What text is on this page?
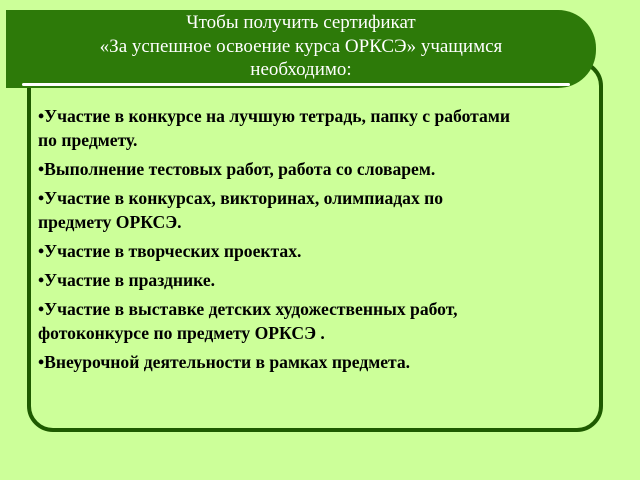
Чтобы получить сертификат
«За успешное освоение курса ОРКСЭ» учащимся
необходимо:
•Участие в конкурсе на лучшую тетрадь, папку с работами
по предмету.
•Выполнение тестовых работ, работа со словарем.
•Участие в конкурсах, викторинах, олимпиадах по
предмету ОРКСЭ.
•Участие в творческих проектах.
•Участие в празднике.
•Участие в выставке детских художественных работ,
фотоконкурсе по предмету ОРКСЭ .
•Внеурочной деятельности в рамках предмета.
